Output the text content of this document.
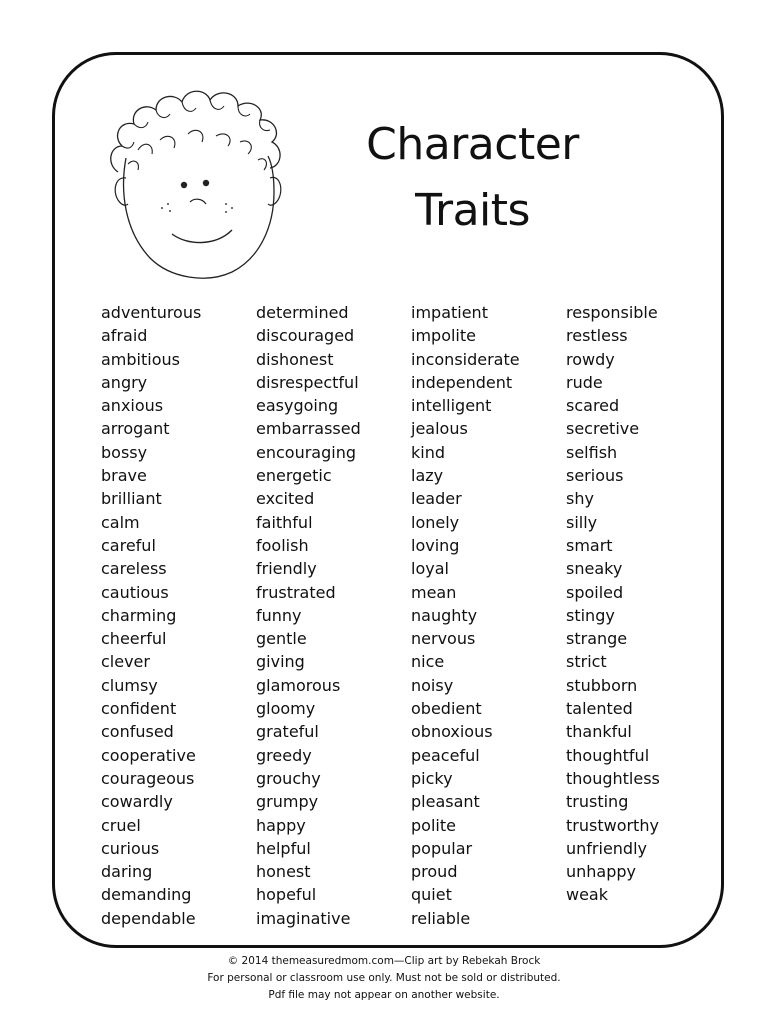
Character
Traits
adventurous
afraid
ambitious
angry
anxious
arrogant
bossy
brave
brilliant
calm
careful
careless
cautious
charming
cheerful
clever
clumsy
confident
confused
cooperative
courageous
cowardly
cruel
curious
daring
demanding
dependable
determined
discouraged
dishonest
disrespectful
easygoing
embarrassed
encouraging
energetic
excited
faithful
foolish
friendly
frustrated
funny
gentle
giving
glamorous
gloomy
grateful
greedy
grouchy
grumpy
happy
helpful
honest
hopeful
imaginative
impatient
impolite
inconsiderate
independent
intelligent
jealous
kind
lazy
leader
lonely
loving
loyal
mean
naughty
nervous
nice
noisy
obedient
obnoxious
peaceful
picky
pleasant
polite
popular
proud
quiet
reliable
responsible
restless
rowdy
rude
scared
secretive
selfish
serious
shy
silly
smart
sneaky
spoiled
stingy
strange
strict
stubborn
talented
thankful
thoughtful
thoughtless
trusting
trustworthy
unfriendly
unhappy
weak
© 2014 themeasuredmom.com—Clip art by Rebekah Brock
For personal or classroom use only. Must not be sold or distributed.
Pdf file may not appear on another website.
